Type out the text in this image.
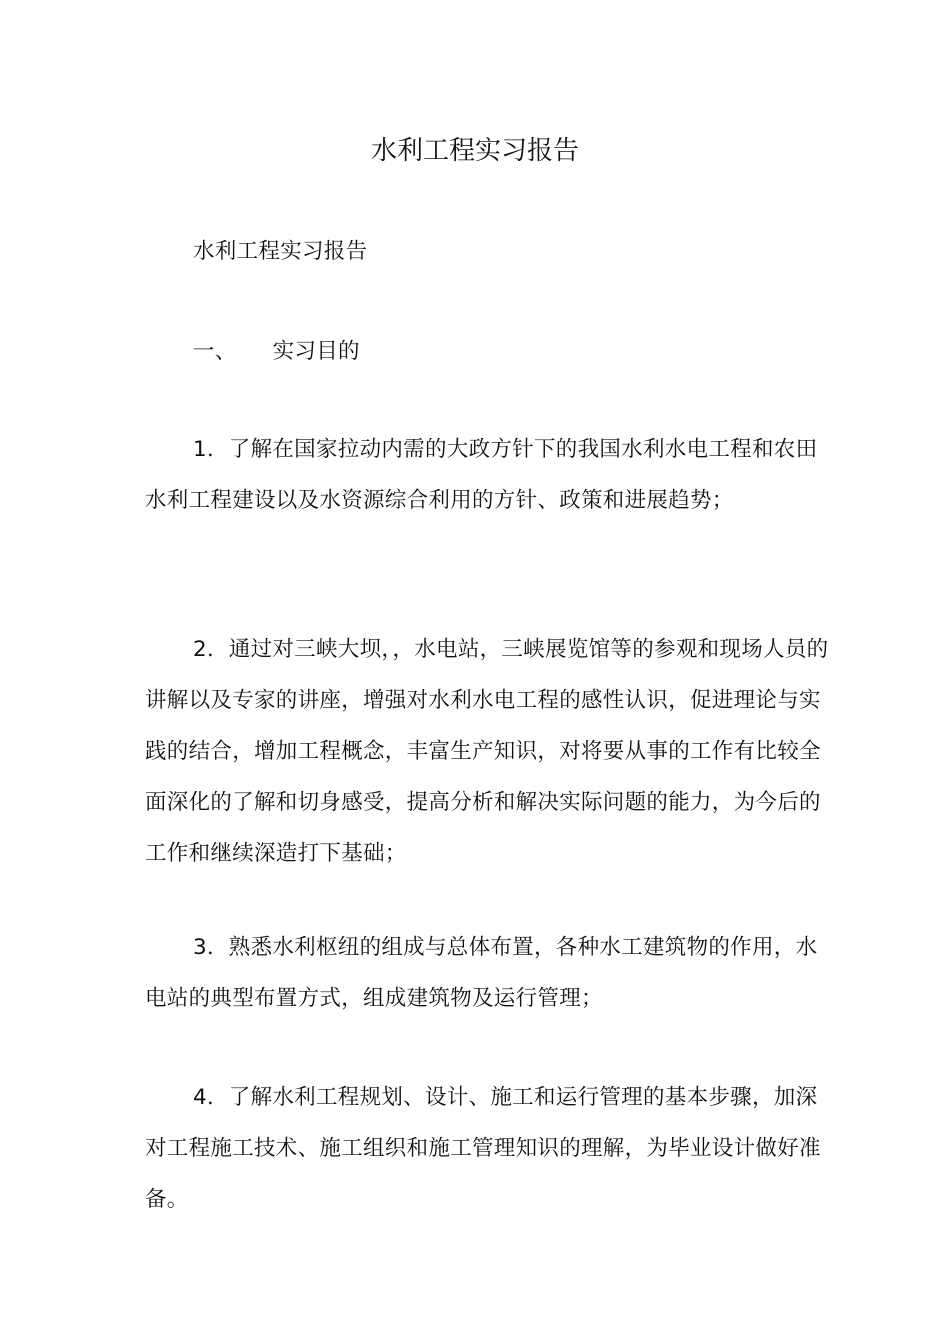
水利工程实习报告

水利工程实习报告

一、 实习目的

1．了解在国家拉动内需的大政方针下的我国水利水电工程和农田水利工程建设以及水资源综合利用的方针、政策和进展趋势；

2．通过对三峡大坝，，水电站，三峡展览馆等的参观和现场人员的讲解以及专家的讲座，增强对水利水电工程的感性认识，促进理论与实践的结合，增加工程概念，丰富生产知识，对将要从事的工作有比较全面深化的了解和切身感受，提高分析和解决实际问题的能力，为今后的工作和继续深造打下基础；

3．熟悉水利枢纽的组成与总体布置，各种水工建筑物的作用，水电站的典型布置方式，组成建筑物及运行管理；

4．了解水利工程规划、设计、施工和运行管理的基本步骤，加深对工程施工技术、施工组织和施工管理知识的理解，为毕业设计做好准备。
